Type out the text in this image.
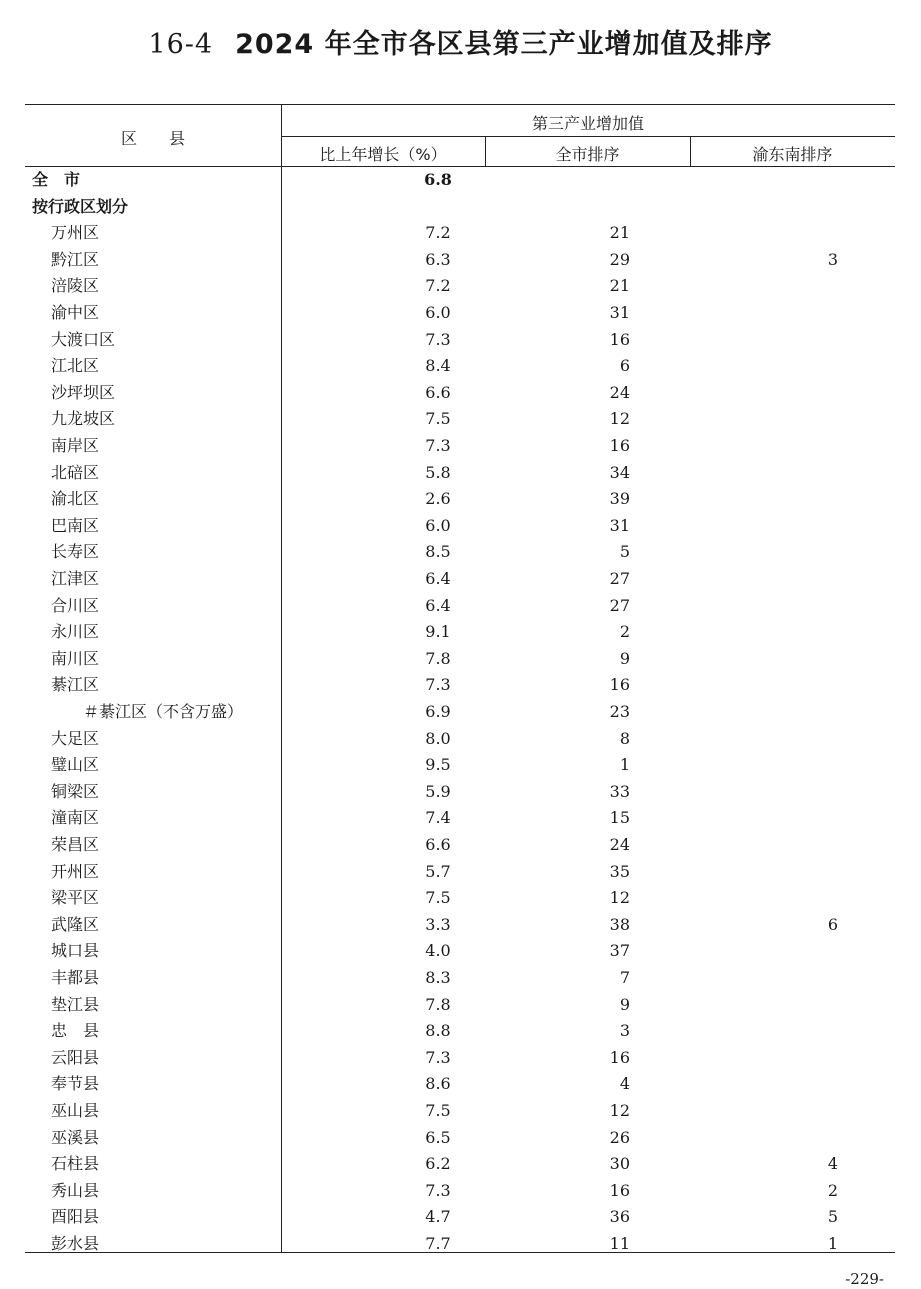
16-4 2024 年全市各区县第三产业增加值及排序
区　　县
第三产业增加值
比上年增长（%）	全市排序	渝东南排序
全　市	6.8
按行政区划分
万州区	7.2	21
黔江区	6.3	29	3
涪陵区	7.2	21
渝中区	6.0	31
大渡口区	7.3	16
江北区	8.4	6
沙坪坝区	6.6	24
九龙坡区	7.5	12
南岸区	7.3	16
北碚区	5.8	34
渝北区	2.6	39
巴南区	6.0	31
长寿区	8.5	5
江津区	6.4	27
合川区	6.4	27
永川区	9.1	2
南川区	7.8	9
綦江区	7.3	16
＃綦江区（不含万盛）	6.9	23
大足区	8.0	8
璧山区	9.5	1
铜梁区	5.9	33
潼南区	7.4	15
荣昌区	6.6	24
开州区	5.7	35
梁平区	7.5	12
武隆区	3.3	38	6
城口县	4.0	37
丰都县	8.3	7
垫江县	7.8	9
忠　县	8.8	3
云阳县	7.3	16
奉节县	8.6	4
巫山县	7.5	12
巫溪县	6.5	26
石柱县	6.2	30	4
秀山县	7.3	16	2
酉阳县	4.7	36	5
彭水县	7.7	11	1
-229-
